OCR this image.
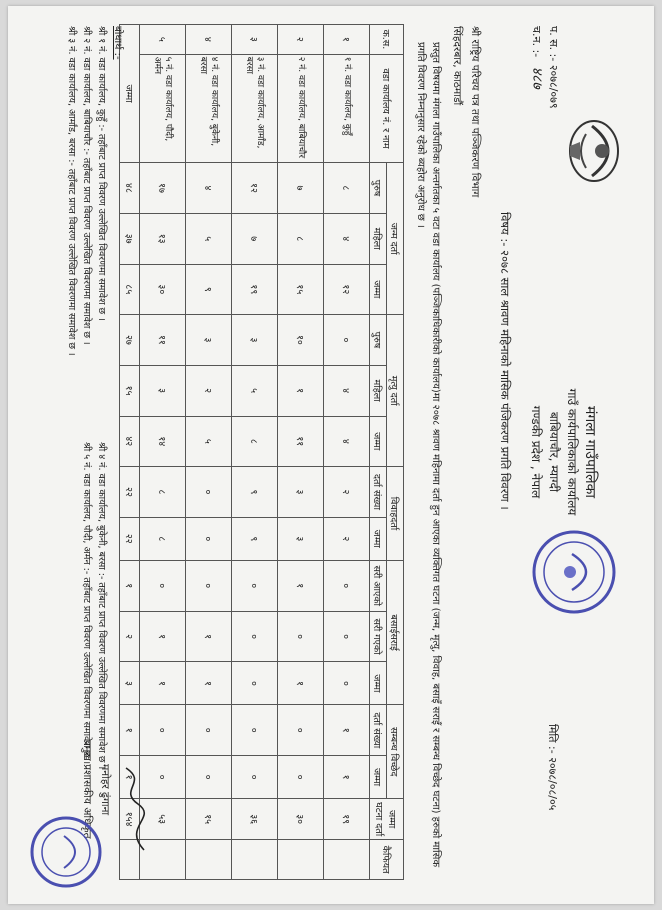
मंगला गाउँपालिका
गाउँ कार्यपालिकाको कार्यालय
बाबियाचौर, म्याग्दी
गण्डकी प्रदेश , नेपाल
प. स. :- २०७८/०७९
च.न. :- ४८७
मिति :- २०७८/०८/०५
विषय :- २०७८ साल श्रावण महिनाको मासिक पंजिकरण प्रगति विवरण ।
श्री राष्ट्रिय परिचय पत्र तथा पञ्जिकरण विभाग
सिंहदरबार, काठमाडौं
प्रस्तुत विषयमा मंगला गाउँपालिका अन्तर्गतका ५ वटा वडा कार्यालय (पञ्जिकाधिकारीको कार्यालय)मा २०७८ श्रावण महिनामा दर्ता हुन आएका व्यक्तिगत घटना (जन्म, मृत्यु, विवाह, बसाइँ सराइँ र सम्बन्ध विच्छेद घटना) हरुको मासिक प्रगति विवरण निम्नानुसार रहेको ब्यहोरा अनुरोध छ ।
क.स.	वडा कार्यालय नं. र नाम	जन्म दर्ता			मृत्यु दर्ता			विवाहदर्ता		बसाईसराई			सम्बन्ध विच्छेद		जम्मा घटना दर्ता	कैफियत
		पुरुष	महिला	जम्मा	पुरुष	महिला	जम्मा	दर्ता संख्या	जम्मा	सरी आएको	सरी गएको	जम्मा	दर्ता संख्या	जम्मा		
१	१ नं. वडा कार्यालय, कुहुँ	८	४	१२	०	४	४	२	२	०	०	०	१	१	१९	
२	२ नं. वडा कार्यालय, बाबियाचौर	७	८	१५	१०	१	११	३	३	१	०	१	०	०	३०	
३	३ नं. वडा कार्यालय, आर्मांड, बरसा	१२	७	१९	३	५	८	९	९	०	०	०	०	०	३६	
४	४ नं. वडा कार्यालय, बुकेनी, बरसा	४	५	९	३	२	५	०	०	०	१	१	०	०	१५	
५	५ नं. वडा कार्यालय, पौदी, अर्मन	१७	१३	३०	११	३	१४	८	८	०	१	१	०	०	५३	
जम्मा		४८	३७	८५	२७	१५	४२	२२	२२	१	२	३	१	१	१५४	
बोधार्थ :-
श्री १ नं. वडा कार्यालय, कुहुँ :- तहाँबाट प्राप्त विवरण उल्लेखित विवरणमा समावेश छ ।
श्री २ नं. वडा कार्यालय, बाबियाचौर :- तहाँबाट प्राप्त विवरण उल्लेखित विवरणमा समावेश छ ।
श्री ३ नं. वडा कार्यालय, आर्मांड, बरसा :- तहाँबाट प्राप्त विवरण उल्लेखित विवरणमा समावेश छ ।
श्री ४ नं. वडा कार्यालय, बुकेनी, बरसा :- तहाँबाट प्राप्त विवरण उल्लेखित विवरणमा समावेश छ ।
श्री ५ नं. वडा कार्यालय, पौदी, अर्मन :- तहाँबाट प्राप्त विवरण उल्लेखित विवरणमा समावेश छ ।
मनोहर ढुंगाना
प्रमुख प्रशासकीय अधिकृत
